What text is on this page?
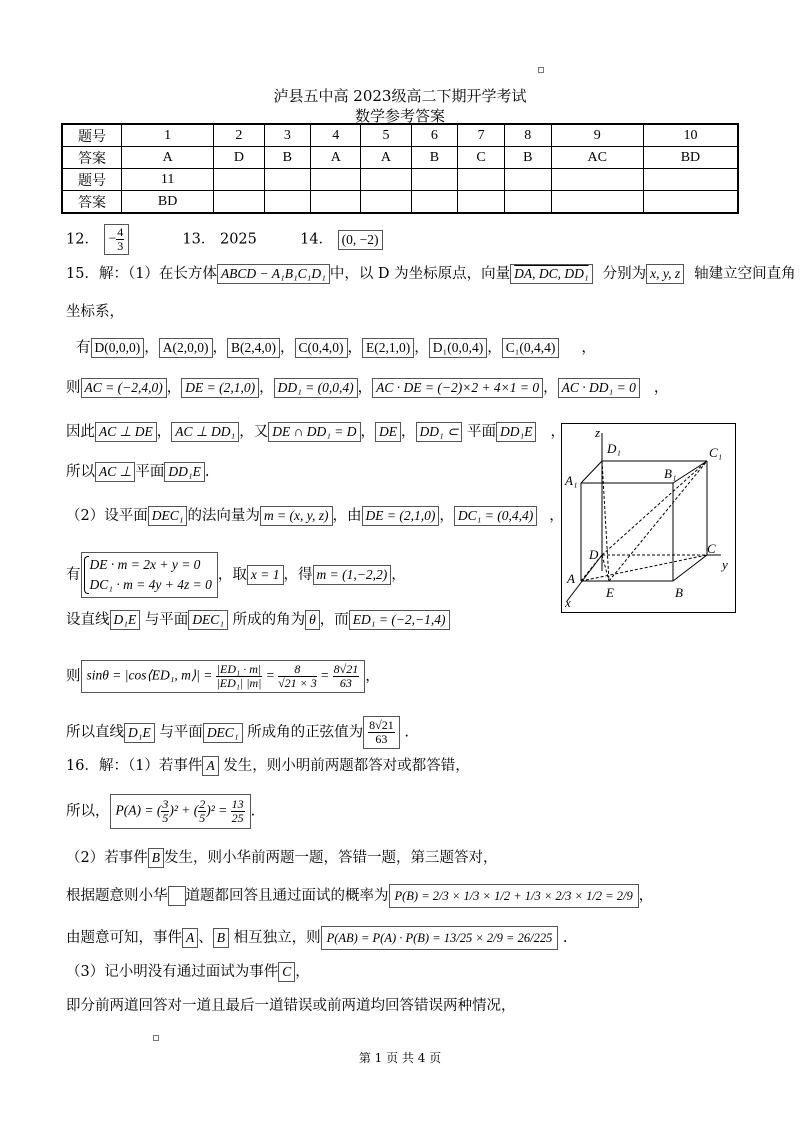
泸县五中高 2023级高二下期开学考试
数学参考答案
题号	1	2	3	4	5	6	7	8	9	10
答案	A	D	B	A	A	B	C	B	AC	BD
题号	11									
答案	BD									
12． − $\frac{4}{3}$	13． 2025	14． (0, −2)
15．解：（1）在长方体 ABCD − A₁B₁C₁D₁ 中，以 D 为坐标原点，向量 DA, DC, DD₁ 分别为 x, y, z 轴建立空间直角
坐标系，
有 D(0,0,0) ， A(2,0,0) ， B(2,4,0) ， C(0,4,0) ， E(2,1,0) ， D₁(0,0,4) ， C₁(0,4,4) ，
则 AC = (−2,4,0) ， DE = (2,1,0) ， DD₁ = (0,0,4) ， AC · DE = (−2)×2 + 4×1 = 0 ， AC · DD₁ = 0 ，
因此 AC ⊥ DE ， AC ⊥ DD₁ ，又 DE ∩ DD₁ = D ， DE ， DD₁ ⊂ 平面 DD₁E ，
所以 AC ⊥ 平面 DD₁E .
（2）设平面 DEC₁ 的法向量为 m = (x, y, z) ，由 DE = (2,1,0) ， DC₁ = (0,4,4) ，
有
DE · m = 2x + y = 0
DC₁ · m = 4y + 4z = 0
，取 x = 1 ，得 m = (1,−2,2) ，
设直线 D₁E 与平面 DEC₁ 所成的角为 θ ，而 ED₁ = (−2,−1,4)
则 sinθ = |cos⟨ED₁, m⟩| = $\frac{\text{|ED₁ · m|}}{\text{|ED₁| |m|}} = \frac{8}{√21 \times 3} = \frac{8√21}{63}$ ，
所以直线 D₁E 与平面 DEC₁ 所成角的正弦值为 $\frac{8√21}{63}$ .
z
D₁	C₁
A₁	B₁
D	C
y
A
E	B
x
16．解：（1）若事件 A 发生，则小明前两题都答对或都答错，
所以， P(A) = ( $\frac{3}{5} )^2$ + ( $\frac{2}{5} )^2 = \frac{13}{25}$ .
（2）若事件 B 发生，则小华前两题一题，答错一题，第三题答对，
根据题意则小华 道题都回答且通过面试的概率为 P(B) = 2/3 × 1/3 × 1/2 + 1/3 × 2/3 × 1/2 = 2/9 ，
由题意可知，事件 A 、 B 相互独立，则 P(AB) = P(A) · P(B) = 13/25 × 2/9 = 26/225 .
（3）记小明没有通过面试为事件 C ，
即分前两道回答对一道且最后一道错误或前两道均回答错误两种情况，
第 1 页 共 4 页
